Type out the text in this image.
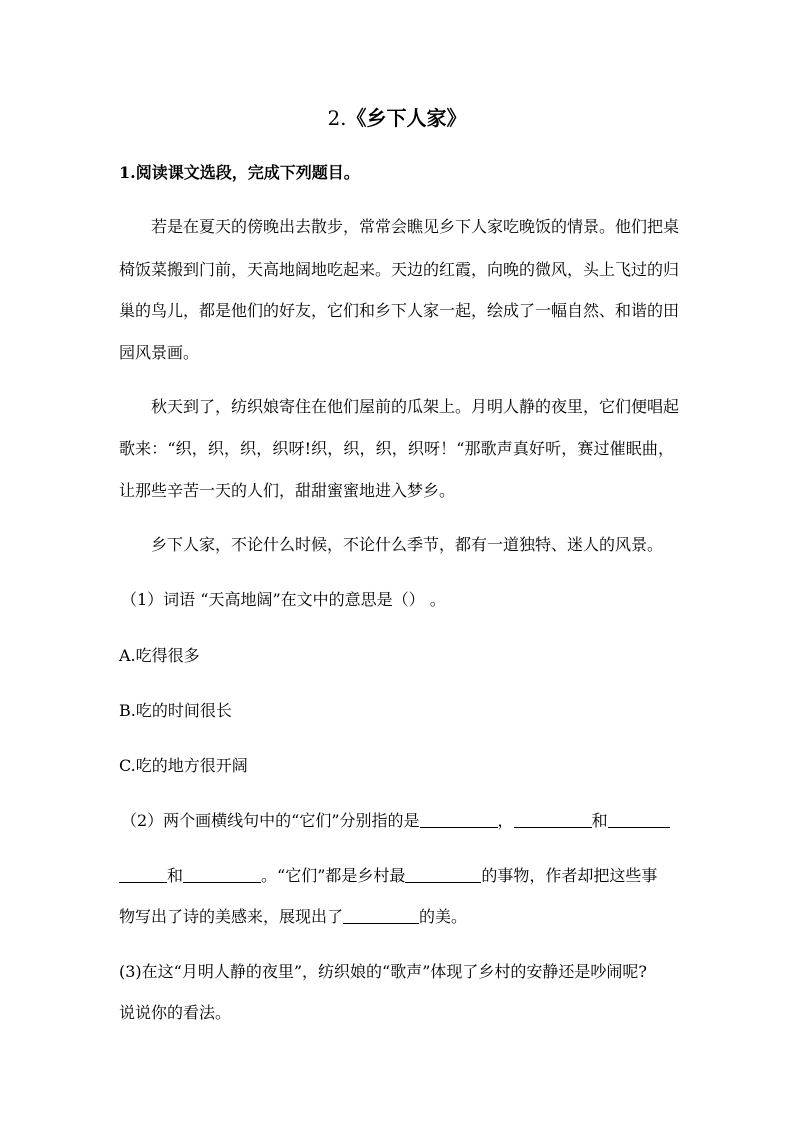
2.《乡下人家》
1.阅读课文选段，完成下列题目。
若是在夏天的傍晚出去散步，常常会瞧见乡下人家吃晚饭的情景。他们把桌
椅饭菜搬到门前，天高地阔地吃起来。天边的红霞，向晚的微风，头上飞过的归
巢的鸟儿，都是他们的好友，它们和乡下人家一起，绘成了一幅自然、和谐的田
园风景画。
秋天到了，纺织娘寄住在他们屋前的瓜架上。月明人静的夜里，它们便唱起
歌来：“织，织，织，织呀!织，织，织，织呀！“那歌声真好听，赛过催眠曲，
让那些辛苦一天的人们，甜甜蜜蜜地进入梦乡。
乡下人家，不论什么时候，不论什么季节，都有一道独特、迷人的风景。
（1）词语 “天高地阔”在文中的意思是（） 。
A.吃得很多
B.吃的时间很长
C.吃的地方很开阔
（2）两个画横线句中的“它们”分别指的是	，	和
和	。“它们”都是乡村最	的事物，作者却把这些事
物写出了诗的美感来，展现出了	的美。
(3)在这“月明人静的夜里”，纺织娘的“歌声”体现了乡村的安静还是吵闹呢?
说说你的看法。
